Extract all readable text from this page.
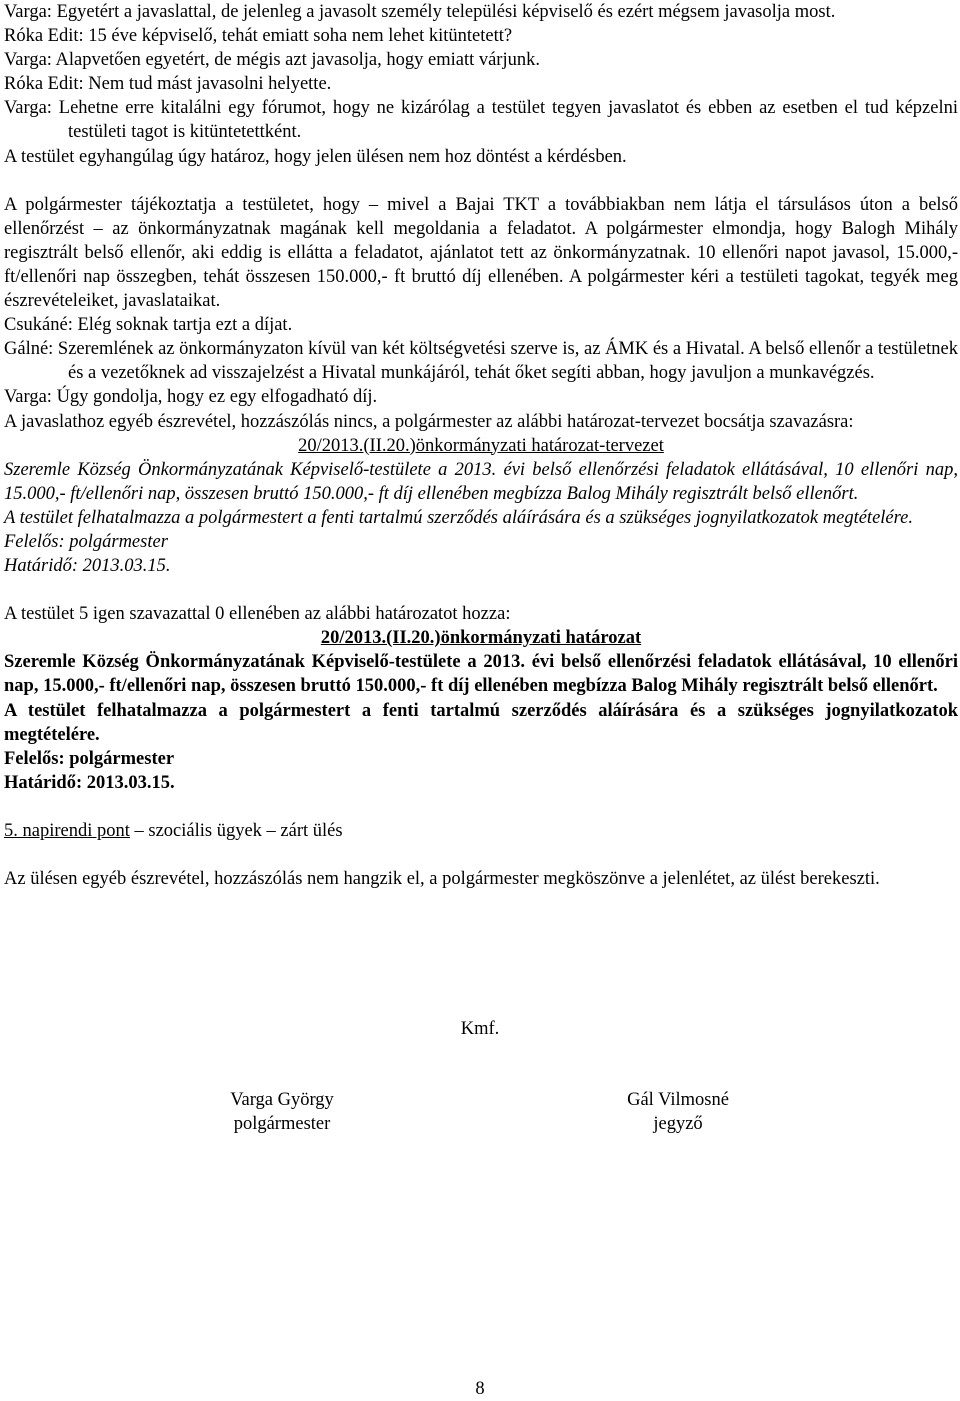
Varga: Egyetért a javaslattal, de jelenleg a javasolt személy települési képviselő és ezért mégsem javasolja most.

Róka Edit: 15 éve képviselő, tehát emiatt soha nem lehet kitüntetett?

Varga: Alapvetően egyetért, de mégis azt javasolja, hogy emiatt várjunk.

Róka Edit: Nem tud mást javasolni helyette.

Varga: Lehetne erre kitalálni egy fórumot, hogy ne kizárólag a testület tegyen javaslatot és ebben az esetben el tud képzelni testületi tagot is kitüntetettként.

A testület egyhangúlag úgy határoz, hogy jelen ülésen nem hoz döntést a kérdésben.

A polgármester tájékoztatja a testületet, hogy – mivel a Bajai TKT a továbbiakban nem látja el társulásos úton a belső ellenőrzést – az önkormányzatnak magának kell megoldania a feladatot. A polgármester elmondja, hogy Balogh Mihály regisztrált belső ellenőr, aki eddig is ellátta a feladatot, ajánlatot tett az önkormányzatnak. 10 ellenőri napot javasol, 15.000,- ft/ellenőri nap összegben, tehát összesen 150.000,- ft bruttó díj ellenében. A polgármester kéri a testületi tagokat, tegyék meg észrevételeiket, javaslataikat.

Csukáné: Elég soknak tartja ezt a díjat.

Gálné: Szeremlének az önkormányzaton kívül van két költségvetési szerve is, az ÁMK és a Hivatal. A belső ellenőr a testületnek és a vezetőknek ad visszajelzést a Hivatal munkájáról, tehát őket segíti abban, hogy javuljon a munkavégzés.

Varga: Úgy gondolja, hogy ez egy elfogadható díj.

A javaslathoz egyéb észrevétel, hozzászólás nincs, a polgármester az alábbi határozat-tervezet bocsátja szavazásra:

20/2013.(II.20.)önkormányzati határozat-tervezet

Szeremle Község Önkormányzatának Képviselő-testülete a 2013. évi belső ellenőrzési feladatok ellátásával, 10 ellenőri nap, 15.000,- ft/ellenőri nap, összesen bruttó 150.000,- ft díj ellenében megbízza Balog Mihály regisztrált belső ellenőrt.

A testület felhatalmazza a polgármestert a fenti tartalmú szerződés aláírására és a szükséges jognyilatkozatok megtételére.

Felelős: polgármester

Határidő: 2013.03.15.

A testület 5 igen szavazattal 0 ellenében az alábbi határozatot hozza:

20/2013.(II.20.)önkormányzati határozat

Szeremle Község Önkormányzatának Képviselő-testülete a 2013. évi belső ellenőrzési feladatok ellátásával, 10 ellenőri nap, 15.000,- ft/ellenőri nap, összesen bruttó 150.000,- ft díj ellenében megbízza Balog Mihály regisztrált belső ellenőrt.

A testület felhatalmazza a polgármestert a fenti tartalmú szerződés aláírására és a szükséges jognyilatkozatok megtételére.

Felelős: polgármester

Határidő: 2013.03.15.

5. napirendi pont – szociális ügyek – zárt ülés

Az ülésen egyéb észrevétel, hozzászólás nem hangzik el, a polgármester megköszönve a jelenlétet, az ülést berekeszti.

Kmf.
Varga György
polgármester
Gál Vilmosné
jegyző
8
